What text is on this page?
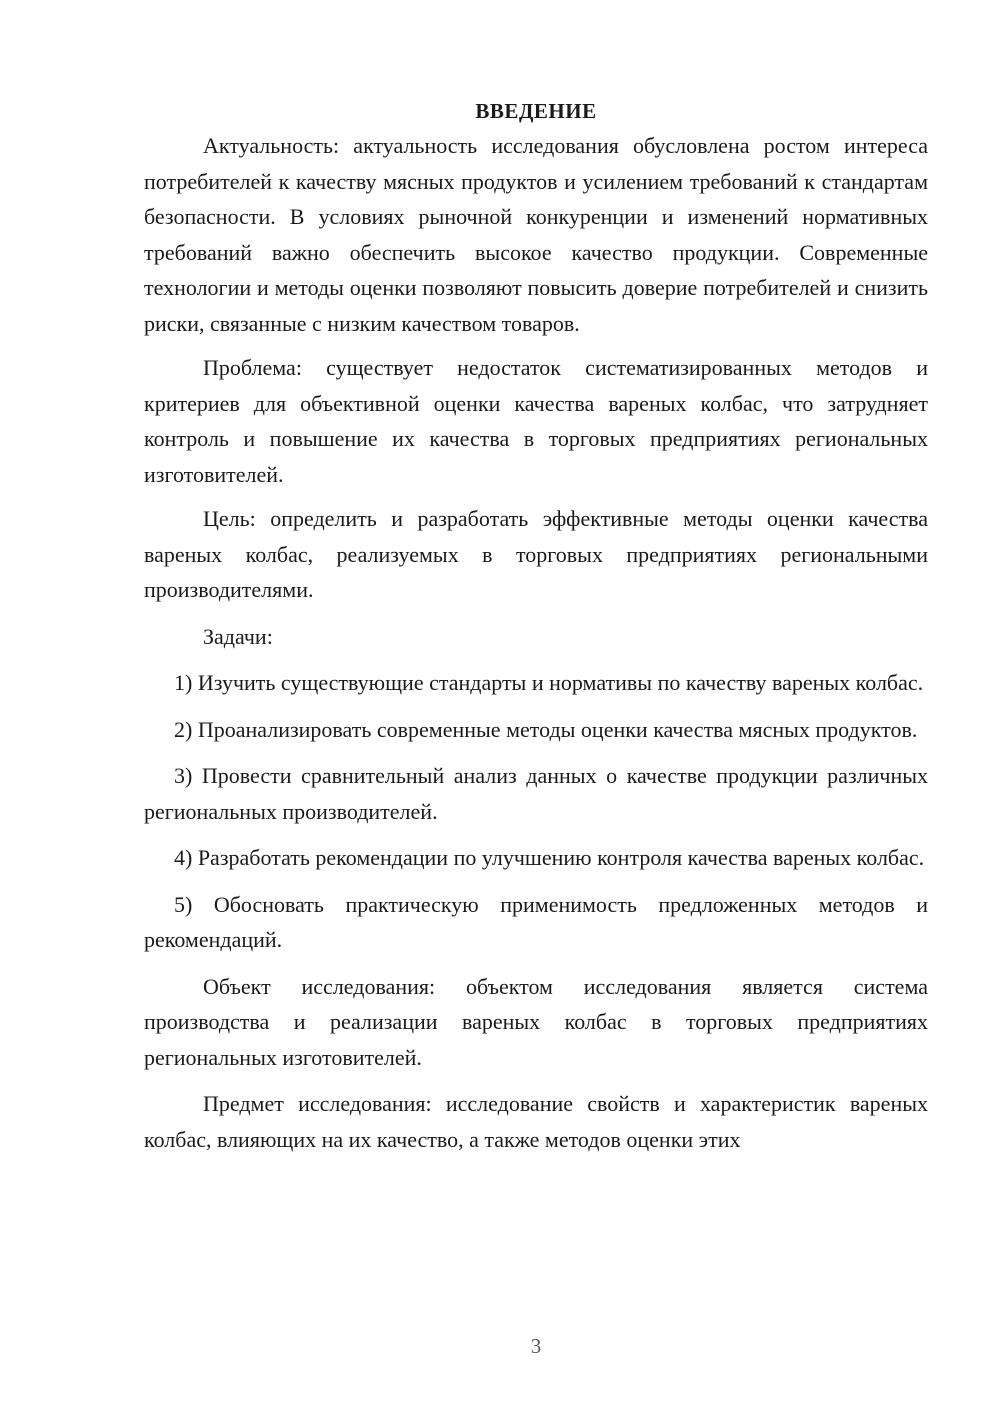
ВВЕДЕНИЕ

Актуальность: актуальность исследования обусловлена ростом интереса потребителей к качеству мясных продуктов и усилением требований к стандартам безопасности. В условиях рыночной конкуренции и изменений нормативных требований важно обеспечить высокое качество продукции. Современные технологии и методы оценки позволяют повысить доверие потребителей и снизить риски, связанные с низким качеством товаров.

Проблема: существует недостаток систематизированных методов и критериев для объективной оценки качества вареных колбас, что затрудняет контроль и повышение их качества в торговых предприятиях региональных изготовителей.

Цель: определить и разработать эффективные методы оценки качества вареных колбас, реализуемых в торговых предприятиях региональными производителями.

Задачи:

1) Изучить существующие стандарты и нормативы по качеству вареных колбас.

2) Проанализировать современные методы оценки качества мясных продуктов.

3) Провести сравнительный анализ данных о качестве продукции различных региональных производителей.

4) Разработать рекомендации по улучшению контроля качества вареных колбас.

5) Обосновать практическую применимость предложенных методов и рекомендаций.

Объект исследования: объектом исследования является система производства и реализации вареных колбас в торговых предприятиях региональных изготовителей.

Предмет исследования: исследование свойств и характеристик вареных колбас, влияющих на их качество, а также методов оценки этих

3
